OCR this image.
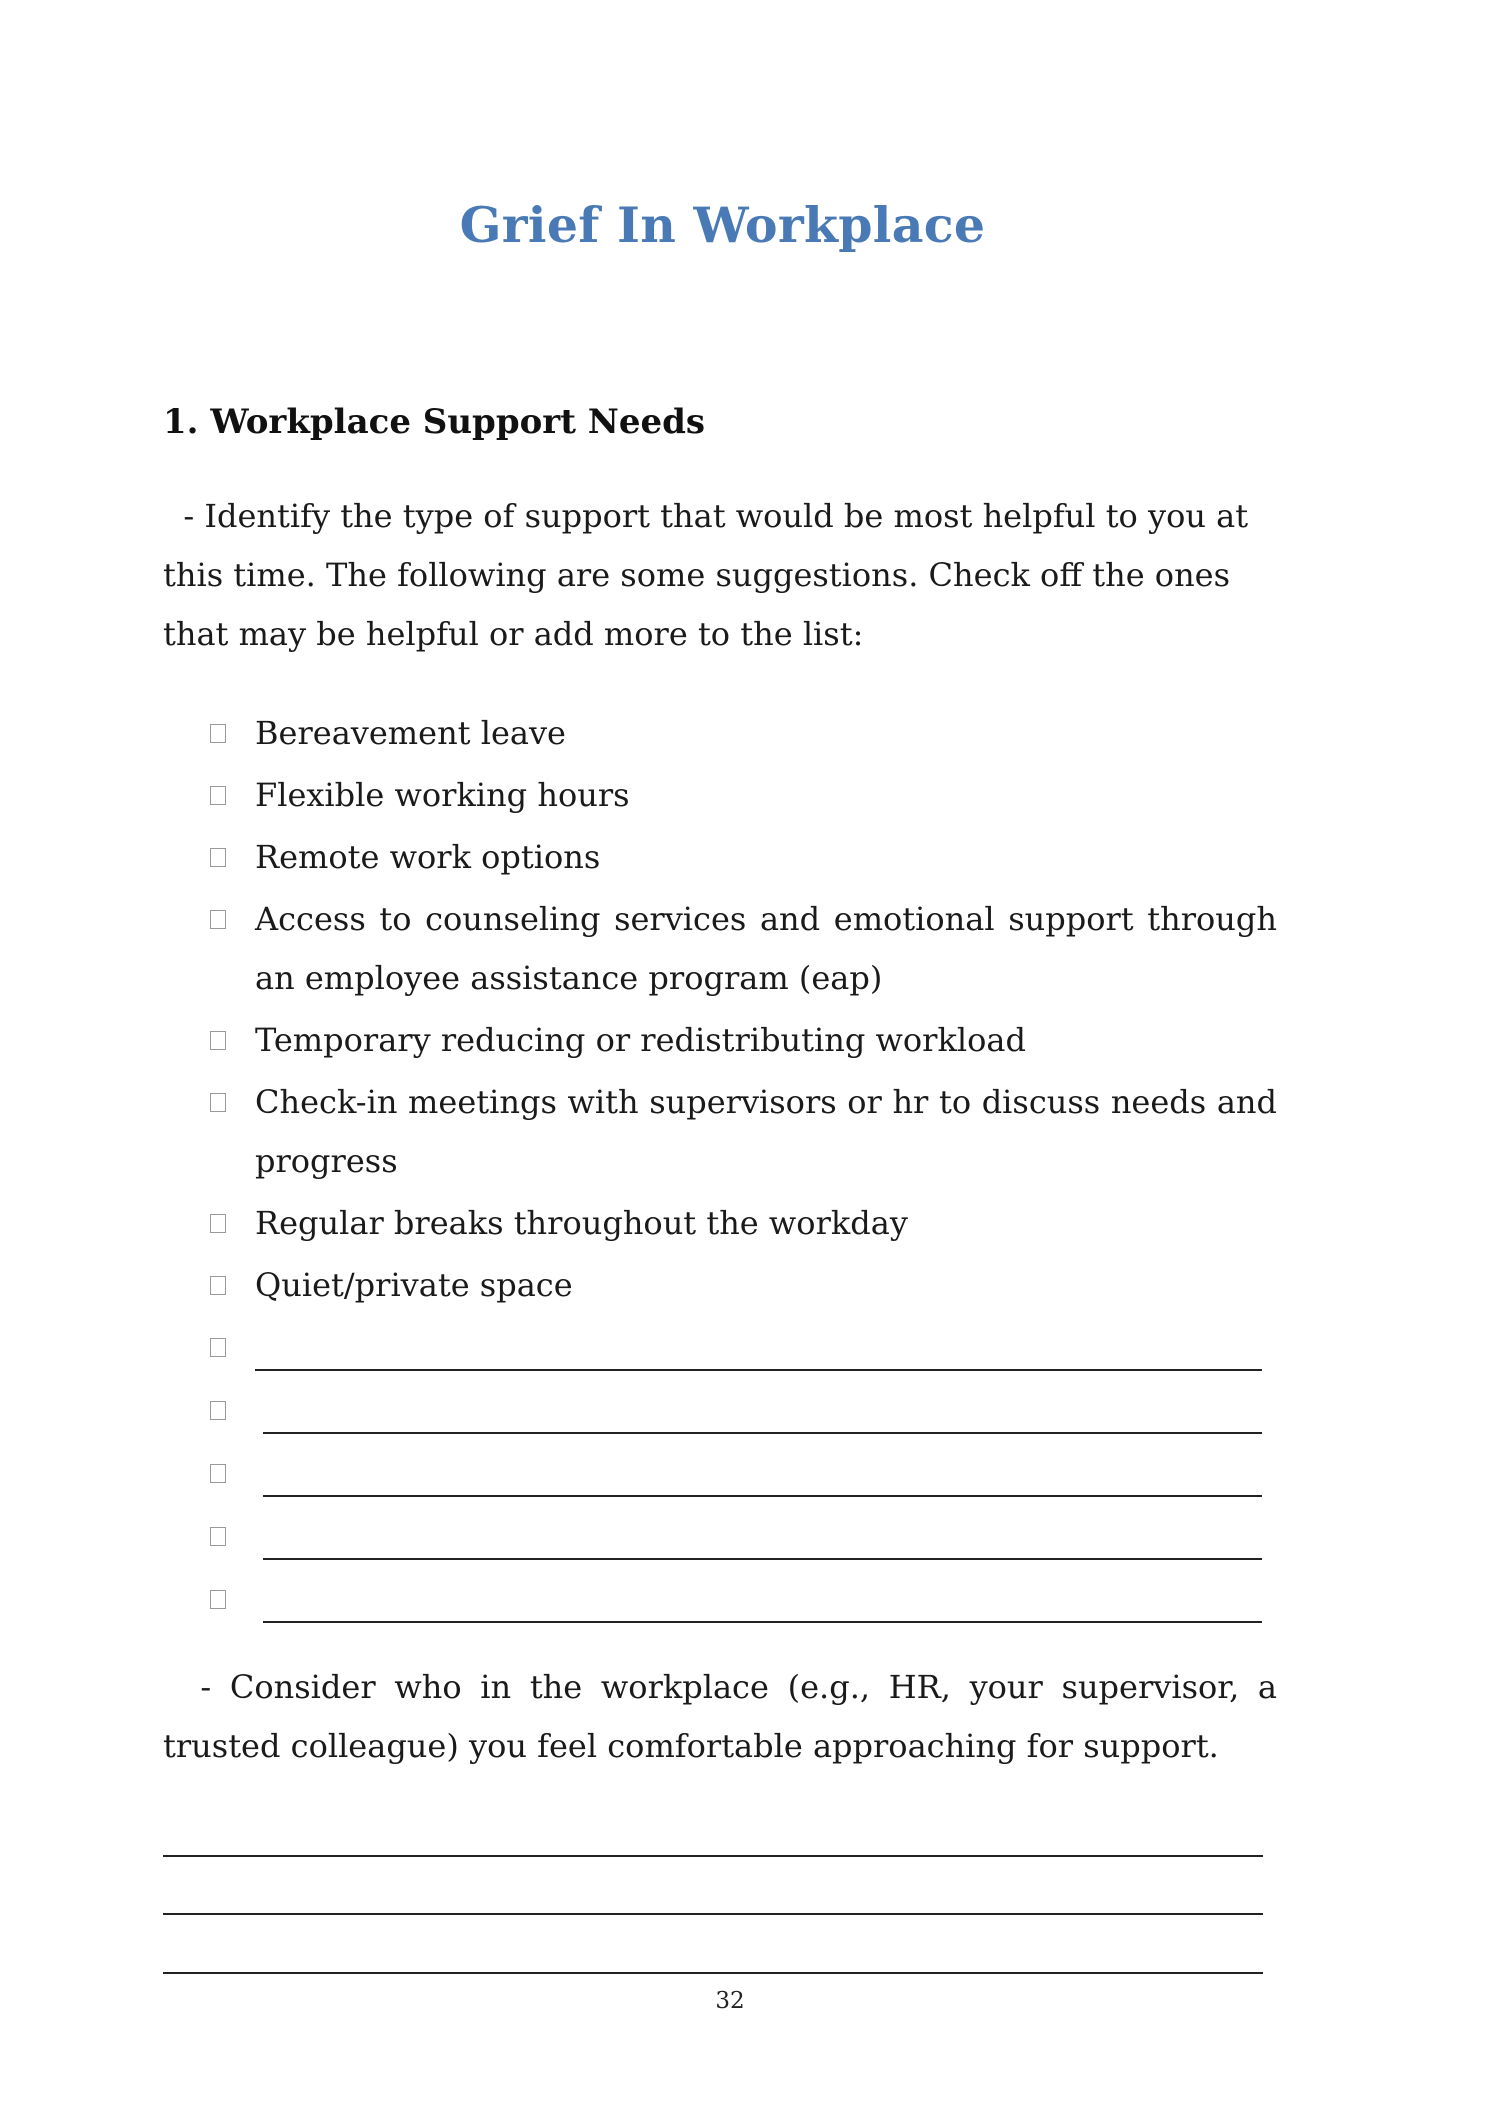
Grief In Workplace
1. Workplace Support Needs
- Identify the type of support that would be most helpful to you at this time. The following are some suggestions. Check off the ones that may be helpful or add more to the list:
Bereavement leave
Flexible working hours
Remote work options
Access to counseling services and emotional support through an employee assistance program (eap)
Temporary reducing or redistributing workload
Check-in meetings with supervisors or hr to discuss needs and progress
Regular breaks throughout the workday
Quiet/private space
- Consider who in the workplace (e.g., HR, your supervisor, a trusted colleague) you feel comfortable approaching for support.
32
